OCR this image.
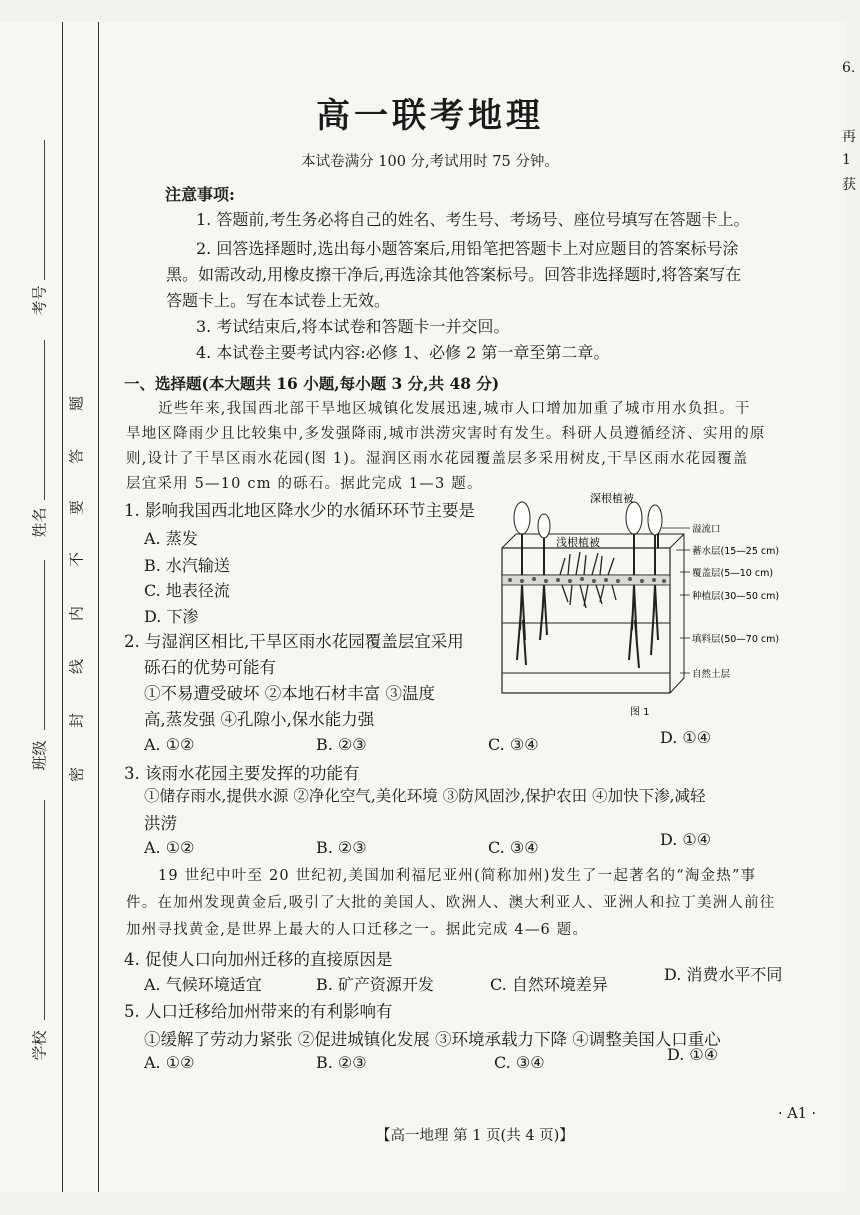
考号
姓名
班级
学校
题
答
要
不
内
线
封
密
6.
再
1
获
高一联考地理
本试卷满分 100 分,考试用时 75 分钟。
注意事项:
1. 答题前,考生务必将自己的姓名、考生号、考场号、座位号填写在答题卡上。
2. 回答选择题时,选出每小题答案后,用铅笔把答题卡上对应题目的答案标号涂
黑。如需改动,用橡皮擦干净后,再选涂其他答案标号。回答非选择题时,将答案写在
答题卡上。写在本试卷上无效。
3. 考试结束后,将本试卷和答题卡一并交回。
4. 本试卷主要考试内容:必修 1、必修 2 第一章至第二章。
一、选择题(本大题共 16 小题,每小题 3 分,共 48 分)
近些年来,我国西北部干旱地区城镇化发展迅速,城市人口增加加重了城市用水负担。干
旱地区降雨少且比较集中,多发强降雨,城市洪涝灾害时有发生。科研人员遵循经济、实用的原
则,设计了干旱区雨水花园(图 1)。湿润区雨水花园覆盖层多采用树皮,干旱区雨水花园覆盖
层宜采用 5—10 cm 的砾石。据此完成 1—3 题。
1. 影响我国西北地区降水少的水循环环节主要是
A. 蒸发
B. 水汽输送
C. 地表径流
D. 下渗
2. 与湿润区相比,干旱区雨水花园覆盖层宜采用
砾石的优势可能有
①不易遭受破坏 ②本地石材丰富 ③温度
高,蒸发强 ④孔隙小,保水能力强
A. ①②	B. ②③	C. ③④	D. ①④
3. 该雨水花园主要发挥的功能有
①储存雨水,提供水源 ②净化空气,美化环境 ③防风固沙,保护农田 ④加快下渗,减轻
洪涝
A. ①②	B. ②③	C. ③④	D. ①④
19 世纪中叶至 20 世纪初,美国加利福尼亚州(简称加州)发生了一起著名的“淘金热”事
件。在加州发现黄金后,吸引了大批的美国人、欧洲人、澳大利亚人、亚洲人和拉丁美洲人前往
加州寻找黄金,是世界上最大的人口迁移之一。据此完成 4—6 题。
4. 促使人口向加州迁移的直接原因是
A. 气候环境适宜	B. 矿产资源开发	C. 自然环境差异
D. 消费水平不同
5. 人口迁移给加州带来的有利影响有
①缓解了劳动力紧张 ②促进城镇化发展 ③环境承载力下降 ④调整美国人口重心
A. ①②	B. ②③	C. ③④	D. ①④
深根植被
浅根植被
溢流口
蓄水层(15—25 cm)
覆盖层(5—10 cm)
种植层(30—50 cm)
填料层(50—70 cm)
自然土层
图 1
【高一地理 第 1 页(共 4 页)】
· A1 ·
